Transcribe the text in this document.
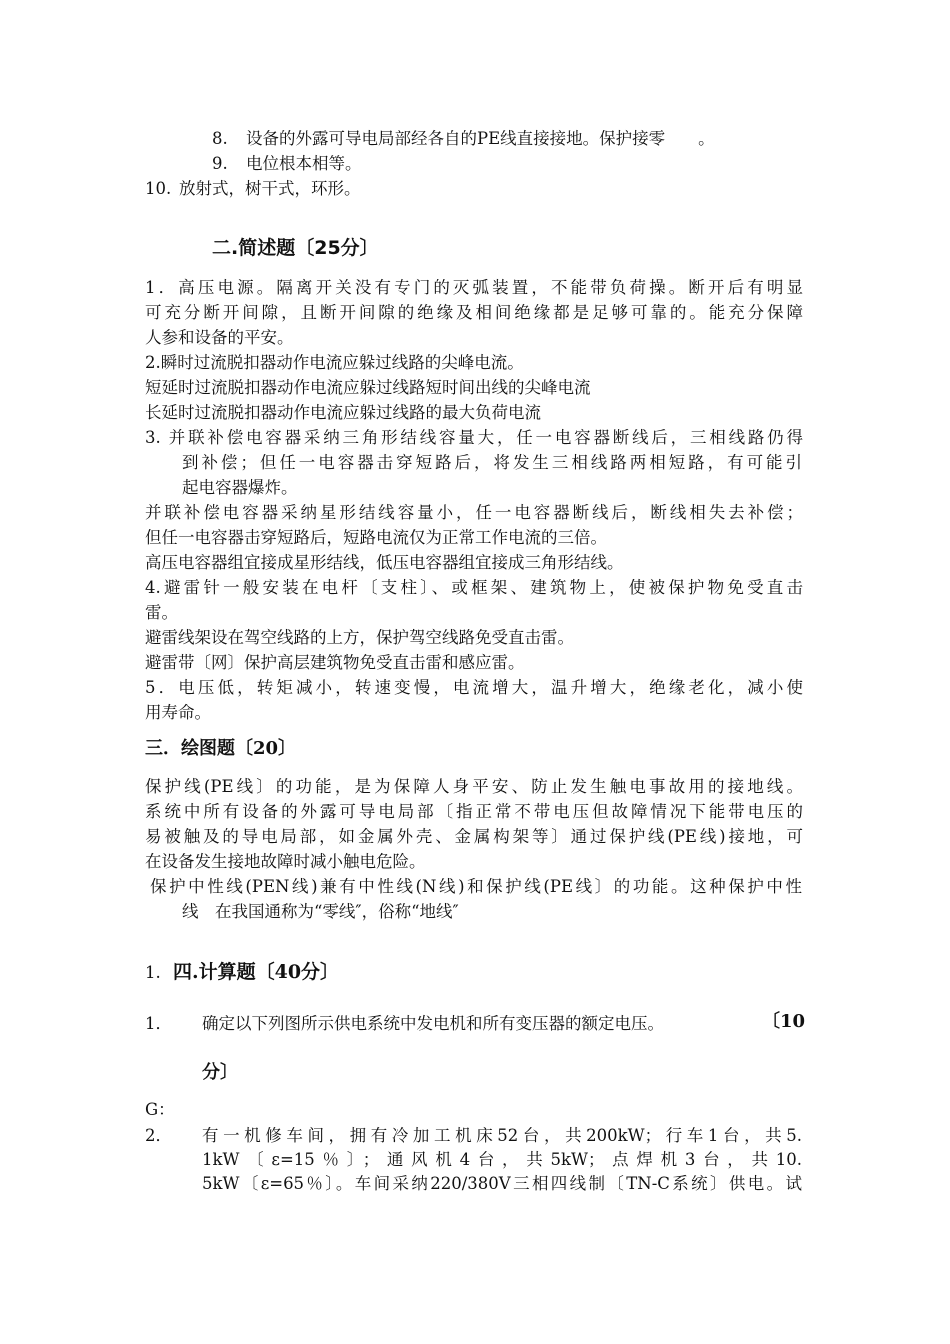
8. 设备的外露可导电局部经各自的PE线直接接地。保护接零　　。
9. 电位根本相等。
10. 放射式，树干式，环形。
二.简述题〔25分〕
1．高压电源。隔离开关没有专门的灭弧装置，不能带负荷操。断开后有明显
可充分断开间隙，且断开间隙的绝缘及相间绝缘都是足够可靠的。能充分保障
人参和设备的平安。
2.瞬时过流脱扣器动作电流应躲过线路的尖峰电流。
短延时过流脱扣器动作电流应躲过线路短时间出线的尖峰电流
长延时过流脱扣器动作电流应躲过线路的最大负荷电流
3. 并联补偿电容器采纳三角形结线容量大，任一电容器断线后，三相线路仍得
到补偿；但任一电容器击穿短路后，将发生三相线路两相短路，有可能引
起电容器爆炸。
并联补偿电容器采纳星形结线容量小，任一电容器断线后，断线相失去补偿；
但任一电容器击穿短路后，短路电流仅为正常工作电流的三倍。
高压电容器组宜接成星形结线，低压电容器组宜接成三角形结线。
4.避雷针一般安装在电杆〔支柱〕、或框架、建筑物上，使被保护物免受直击
雷。
避雷线架设在驾空线路的上方，保护驾空线路免受直击雷。
避雷带〔网〕保护高层建筑物免受直击雷和感应雷。
5．电压低，转矩减小，转速变慢，电流增大，温升增大，绝缘老化，减小使
用寿命。
三．绘图题〔20〕
保护线(PE线〕的功能，是为保障人身平安、防止发生触电事故用的接地线。
系统中所有设备的外露可导电局部〔指正常不带电压但故障情况下能带电压的
易被触及的导电局部，如金属外壳、金属构架等〕通过保护线(PE线)接地，可
在设备发生接地故障时减小触电危险。
保护中性线(PEN线)兼有中性线(N线)和保护线(PE线〕的功能。这种保护中性
线　在我国通称为“零线″，俗称“地线″
1. 四.计算题〔40分〕
1． 确定以下列图所示供电系统中发电机和所有变压器的额定电压。	〔10
分〕
G：
2． 有一机修车间，拥有冷加工机床52台，共200kW；行车1台，共5.
1kW〔ε=15％〕；通风机4台，共5kW；点焊机3台，共10.
5kW〔ε=65％〕。车间采纳220/380V三相四线制〔TN-C系统〕供电。试
